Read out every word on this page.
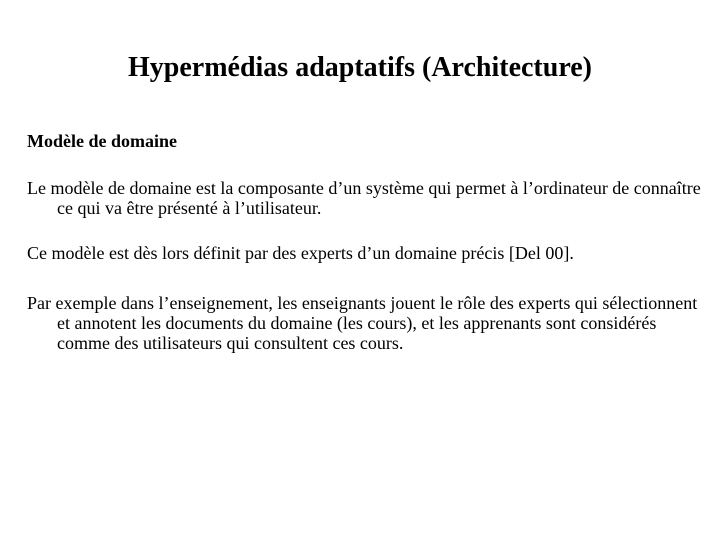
Hypermédias adaptatifs (Architecture)
Modèle de domaine

Le modèle de domaine est la composante d’un système qui permet à l’ordinateur de connaître ce qui va être présenté à l’utilisateur.

Ce modèle est dès lors définit par des experts d’un domaine précis [Del 00].

Par exemple dans l’enseignement, les enseignants jouent le rôle des experts qui sélectionnent et annotent les documents du domaine (les cours), et les apprenants sont considérés comme des utilisateurs qui consultent ces cours.
